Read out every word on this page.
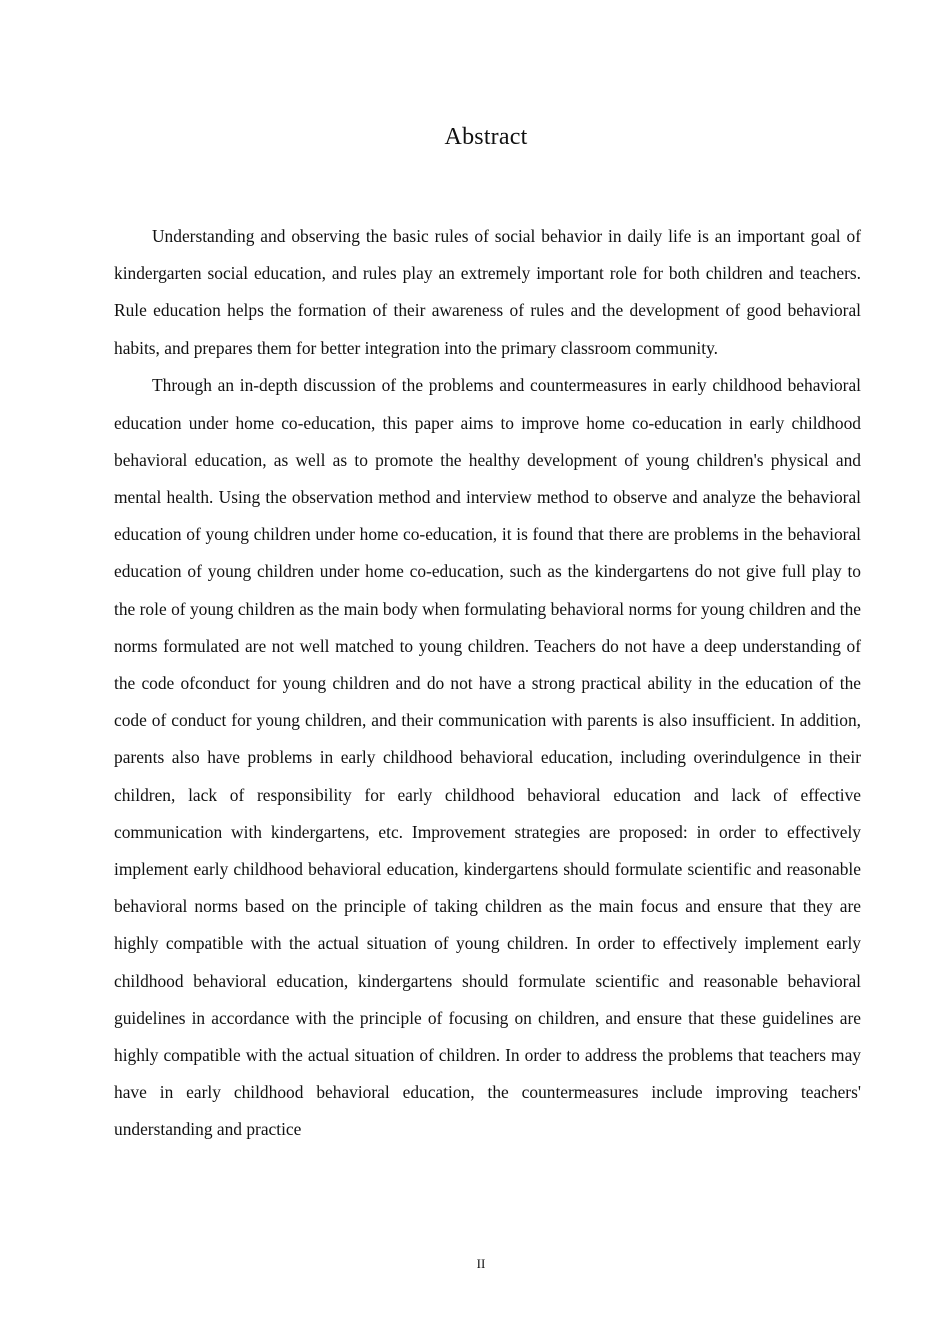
Abstract

Understanding and observing the basic rules of social behavior in daily life is an important goal of kindergarten social education, and rules play an extremely important role for both children and teachers. Rule education helps the formation of their awareness of rules and the development of good behavioral habits, and prepares them for better integration into the primary classroom community.

Through an in-depth discussion of the problems and countermeasures in early childhood behavioral education under home co-education, this paper aims to improve home co-education in early childhood behavioral education, as well as to promote the healthy development of young children's physical and mental health. Using the observation method and interview method to observe and analyze the behavioral education of young children under home co-education, it is found that there are problems in the behavioral education of young children under home co-education, such as the kindergartens do not give full play to the role of young children as the main body when formulating behavioral norms for young children and the norms formulated are not well matched to young children. Teachers do not have a deep understanding of the code ofconduct for young children and do not have a strong practical ability in the education of the code of conduct for young children, and their communication with parents is also insufficient. In addition, parents also have problems in early childhood behavioral education, including overindulgence in their children, lack of responsibility for early childhood behavioral education and lack of effective communication with kindergartens, etc. Improvement strategies are proposed: in order to effectively implement early childhood behavioral education, kindergartens should formulate scientific and reasonable behavioral norms based on the principle of taking children as the main focus and ensure that they are highly compatible with the actual situation of young children. In order to effectively implement early childhood behavioral education, kindergartens should formulate scientific and reasonable behavioral guidelines in accordance with the principle of focusing on children, and ensure that these guidelines are highly compatible with the actual situation of children. In order to address the problems that teachers may have in early childhood behavioral education, the countermeasures include improving teachers' understanding and practice

II
